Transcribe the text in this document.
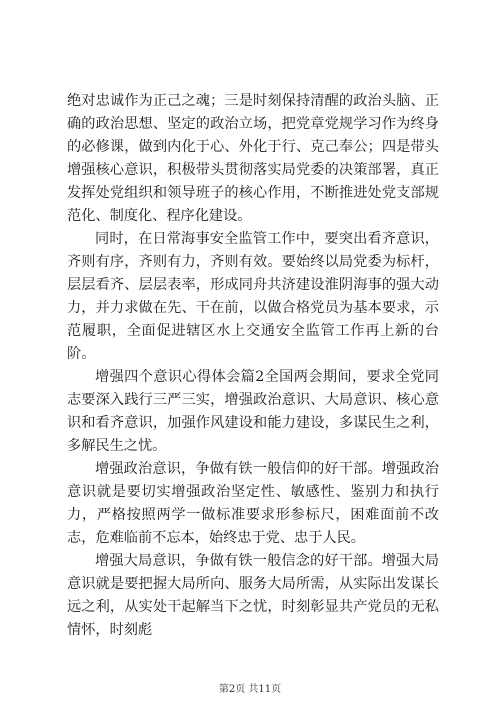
绝对忠诚作为正己之魂；三是时刻保持清醒的政治头脑、正确的政治思想、坚定的政治立场，把党章党规学习作为终身的必修课，做到内化于心、外化于行、克己奉公；四是带头增强核心意识，积极带头贯彻落实局党委的决策部署，真正发挥处党组织和领导班子的核心作用，不断推进处党支部规范化、制度化、程序化建设。

同时，在日常海事安全监管工作中，要突出看齐意识，齐则有序，齐则有力，齐则有效。要始终以局党委为标杆，层层看齐、层层表率，形成同舟共济建设淮阴海事的强大动力，并力求做在先、干在前，以做合格党员为基本要求，示范履职，全面促进辖区水上交通安全监管工作再上新的台阶。

增强四个意识心得体会篇2全国两会期间，要求全党同志要深入践行三严三实，增强政治意识、大局意识、核心意识和看齐意识，加强作风建设和能力建设，多谋民生之利，多解民生之忧。

增强政治意识，争做有铁一般信仰的好干部。增强政治意识就是要切实增强政治坚定性、敏感性、鉴别力和执行力，严格按照两学一做标准要求形参标尺，困难面前不改志，危难临前不忘本，始终忠于党、忠于人民。

增强大局意识，争做有铁一般信念的好干部。增强大局意识就是要把握大局所向、服务大局所需，从实际出发谋长远之利，从实处干起解当下之忧，时刻彰显共产党员的无私情怀，时刻彪

第2页 共11页
